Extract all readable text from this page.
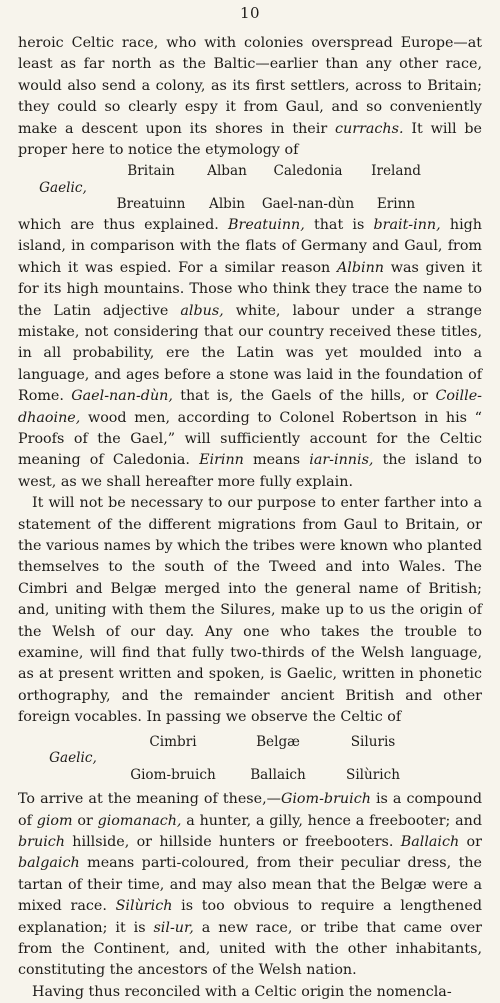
10

heroic Celtic race, who with colonies overspread Europe—at least as far north as the Baltic—earlier than any other race, would also send a colony, as its first settlers, across to Britain; they could so clearly espy it from Gaul, and so conveniently make a descent upon its shores in their currachs. It will be proper here to notice the etymology of

Gaelic,
Britain	Alban	Caledonia	Ireland
Breatuinn	Albin	Gael-nan-dùn	Erinn

which are thus explained. Breatuinn, that is brait-inn, high island, in comparison with the flats of Germany and Gaul, from which it was espied. For a similar reason Albinn was given it for its high mountains. Those who think they trace the name to the Latin adjective albus, white, labour under a strange mistake, not considering that our country received these titles, in all probability, ere the Latin was yet moulded into a language, and ages before a stone was laid in the foundation of Rome. Gael-nan-dùn, that is, the Gaels of the hills, or Coille-dhaoine, wood men, according to Colonel Robertson in his “ Proofs of the Gael,” will sufficiently account for the Celtic meaning of Caledonia. Eirinn means iar-innis, the island to west, as we shall hereafter more fully explain.

It will not be necessary to our purpose to enter farther into a statement of the different migrations from Gaul to Britain, or the various names by which the tribes were known who planted themselves to the south of the Tweed and into Wales. The Cimbri and Belgæ merged into the general name of British; and, uniting with them the Silures, make up to us the origin of the Welsh of our day. Any one who takes the trouble to examine, will find that fully two-thirds of the Welsh language, as at present written and spoken, is Gaelic, written in phonetic orthography, and the remainder ancient British and other foreign vocables. In passing we observe the Celtic of

Gaelic,
Cimbri	Belgæ	Siluris
Giom-bruich	Ballaich	Silùrich

To arrive at the meaning of these,—Giom-bruich is a compound of giom or giomanach, a hunter, a gilly, hence a freebooter; and bruich hillside, or hillside hunters or freebooters. Ballaich or balgaich means parti-coloured, from their peculiar dress, the tartan of their time, and may also mean that the Belgæ were a mixed race. Silùrich is too obvious to require a lengthened explanation; it is sil-ur, a new race, or tribe that came over from the Continent, and, united with the other inhabitants, constituting the ancestors of the Welsh nation.

Having thus reconciled with a Celtic origin the nomencla-
